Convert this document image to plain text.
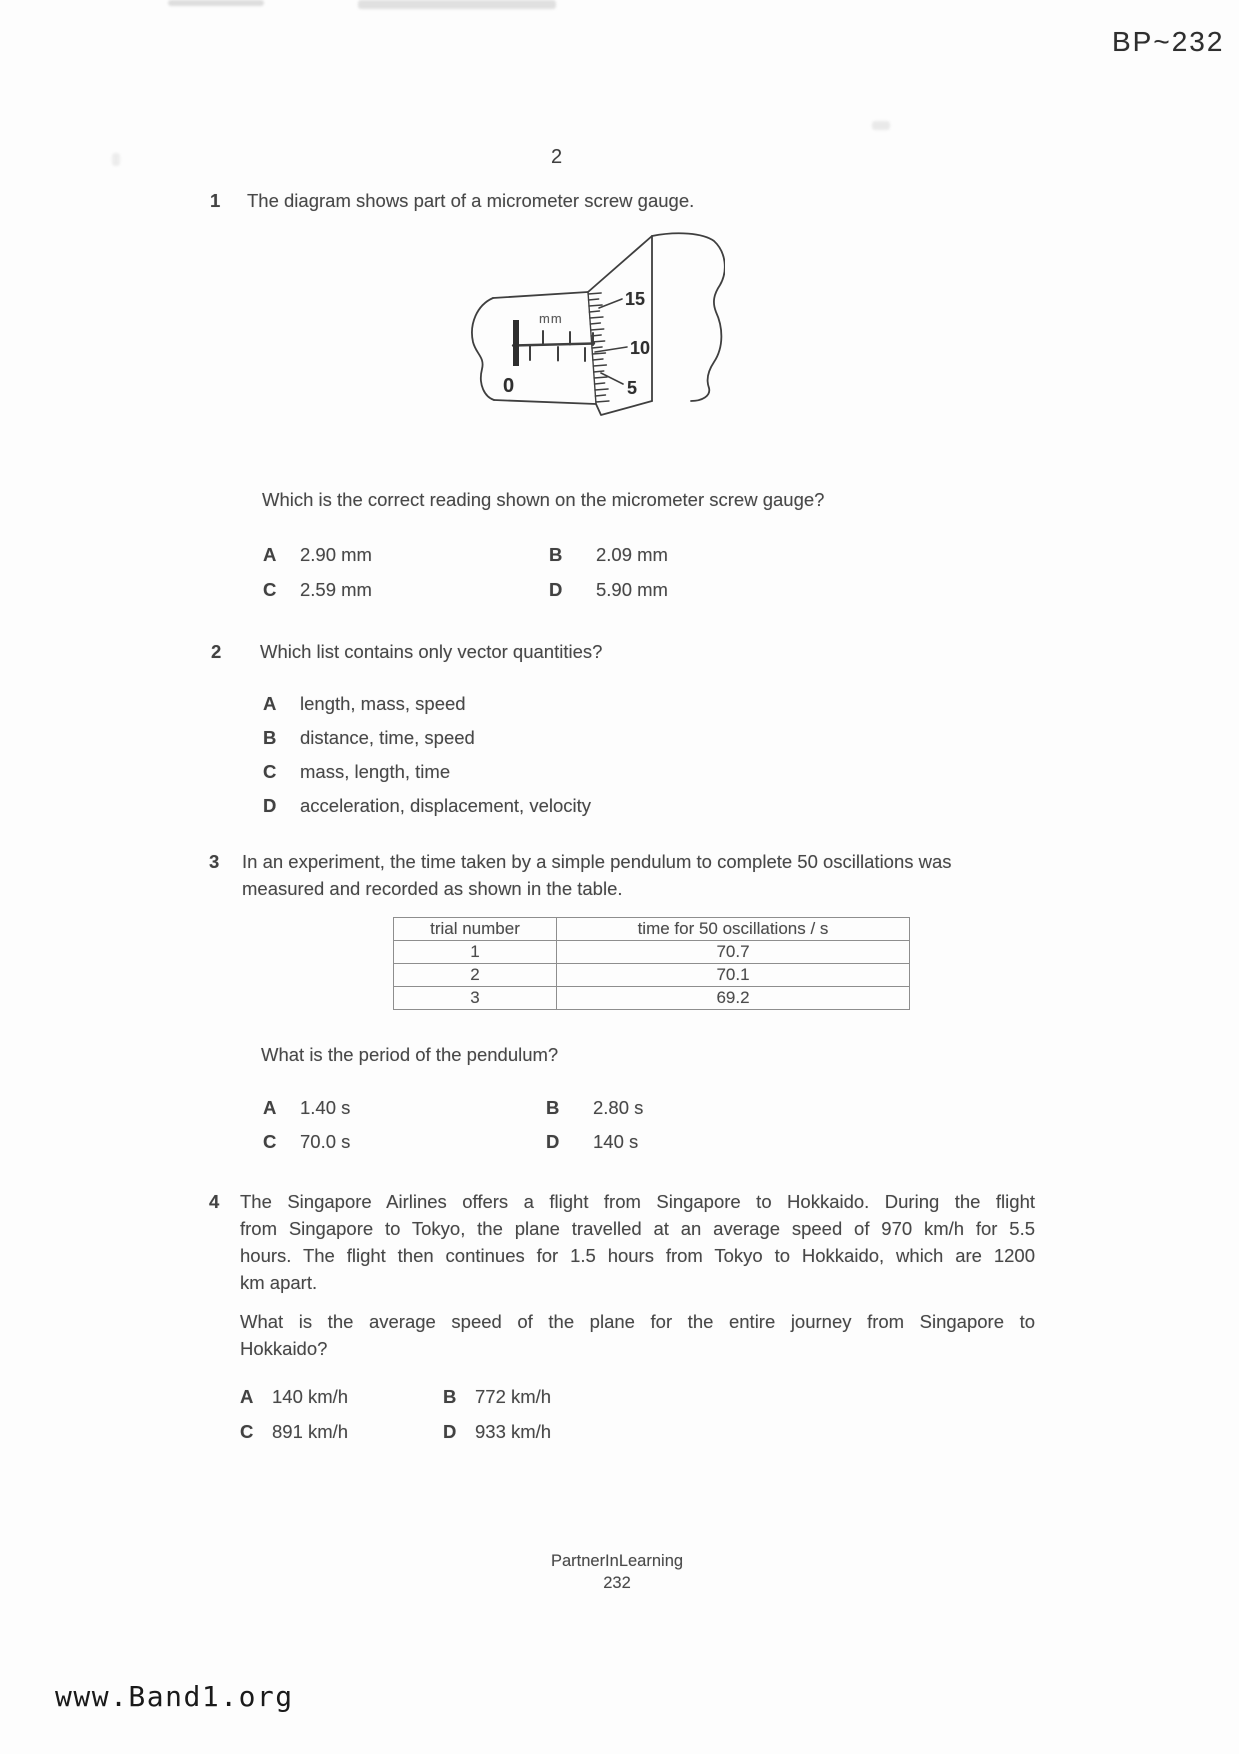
BP~232
2
1 The diagram shows part of a micrometer screw gauge.
mm
0
15
10
5
Which is the correct reading shown on the micrometer screw gauge?
A	2.90 mm	B	2.09 mm
C	2.59 mm	D	5.90 mm
2 Which list contains only vector quantities?
A	length, mass, speed
B	distance, time, speed
C	mass, length, time
D	acceleration, displacement, velocity
3 In an experiment, the time taken by a simple pendulum to complete 50 oscillations was
measured and recorded as shown in the table.
trial number	time for 50 oscillations / s
1	70.7
2	70.1
3	69.2
What is the period of the pendulum?
A	1.40 s	B	2.80 s
C	70.0 s	D	140 s
4 The Singapore Airlines offers a flight from Singapore to Hokkaido. During the flight
from Singapore to Tokyo, the plane travelled at an average speed of 970 km/h for 5.5
hours. The flight then continues for 1.5 hours from Tokyo to Hokkaido, which are 1200
km apart.
What is the average speed of the plane for the entire journey from Singapore to
Hokkaido?
A	140 km/h	B	772 km/h
C	891 km/h	D	933 km/h
PartnerInLearning
232
www.Band1.org
